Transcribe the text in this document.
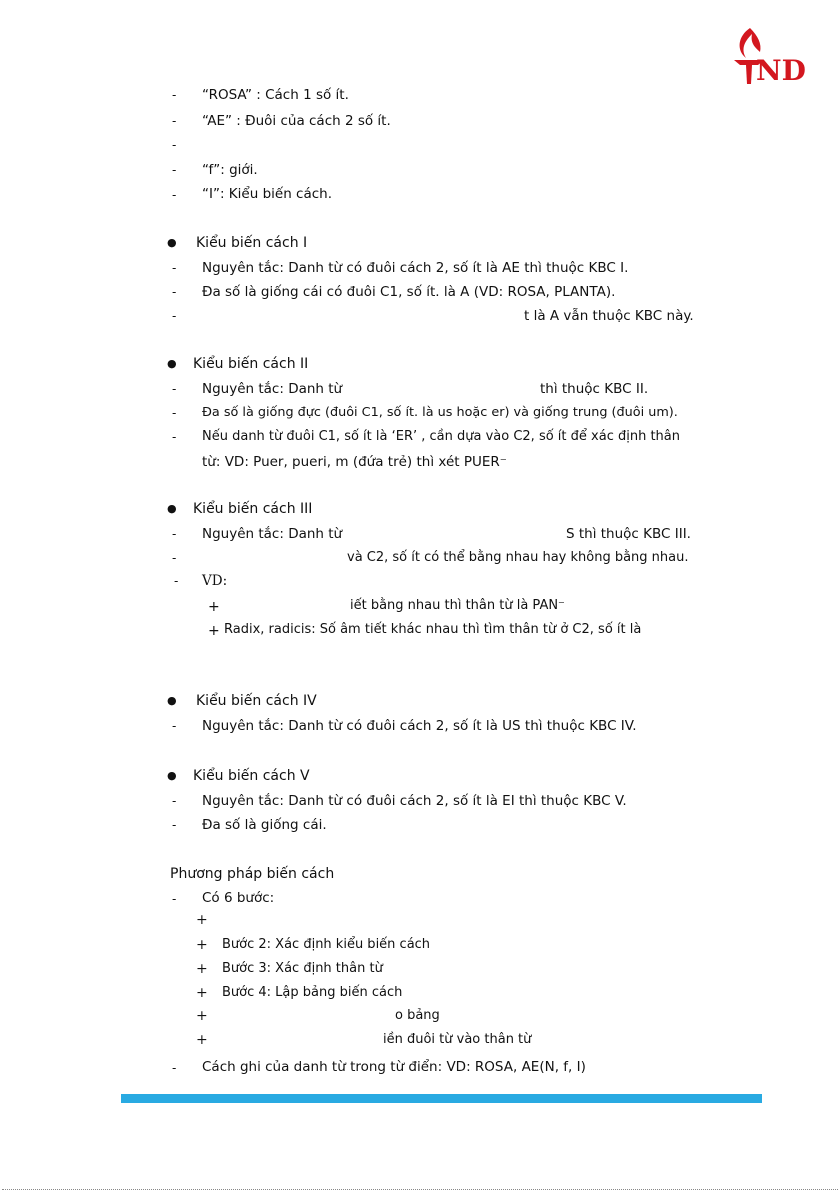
ND
- “ROSA” : Cách 1 số ít.
- “AE” : Đuôi của cách 2 số ít.
-
- “f”: giới.
- “I”: Kiểu biến cách.
● Kiểu biến cách I
- Nguyên tắc: Danh từ có đuôi cách 2, số ít là AE thì thuộc KBC I.
- Đa số là giống cái có đuôi C1, số ít. là A (VD: ROSA, PLANTA).
-	t là A vẫn thuộc KBC này.
● Kiểu biến cách II
- Nguyên tắc: Danh từ	thì thuộc KBC II.
- Đa số là giống đực (đuôi C1, số ít. là us hoặc er) và giống trung (đuôi um).
- Nếu danh từ đuôi C1, số ít là ‘ER’ , cần dựa vào C2, số ít để xác định thân
từ: VD: Puer, pueri, m (đứa trẻ) thì xét PUER⁻
● Kiểu biến cách III
- Nguyên tắc: Danh từ	S thì thuộc KBC III.
-	và C2, số ít có thể bằng nhau hay không bằng nhau.
- VD:
+	iết bằng nhau thì thân từ là PAN⁻
+ Radix, radicis: Số âm tiết khác nhau thì tìm thân từ ở C2, số ít là
● Kiểu biến cách IV
- Nguyên tắc: Danh từ có đuôi cách 2, số ít là US thì thuộc KBC IV.
● Kiểu biến cách V
- Nguyên tắc: Danh từ có đuôi cách 2, số ít là EI thì thuộc KBC V.
- Đa số là giống cái.
Phương pháp biến cách
- Có 6 bước:
+
+ Bước 2: Xác định kiểu biến cách
+ Bước 3: Xác định thân từ
+ Bước 4: Lập bảng biến cách
+	o bảng
+	iền đuôi từ vào thân từ
- Cách ghi của danh từ trong từ điển: VD: ROSA, AE(N, f, I)
